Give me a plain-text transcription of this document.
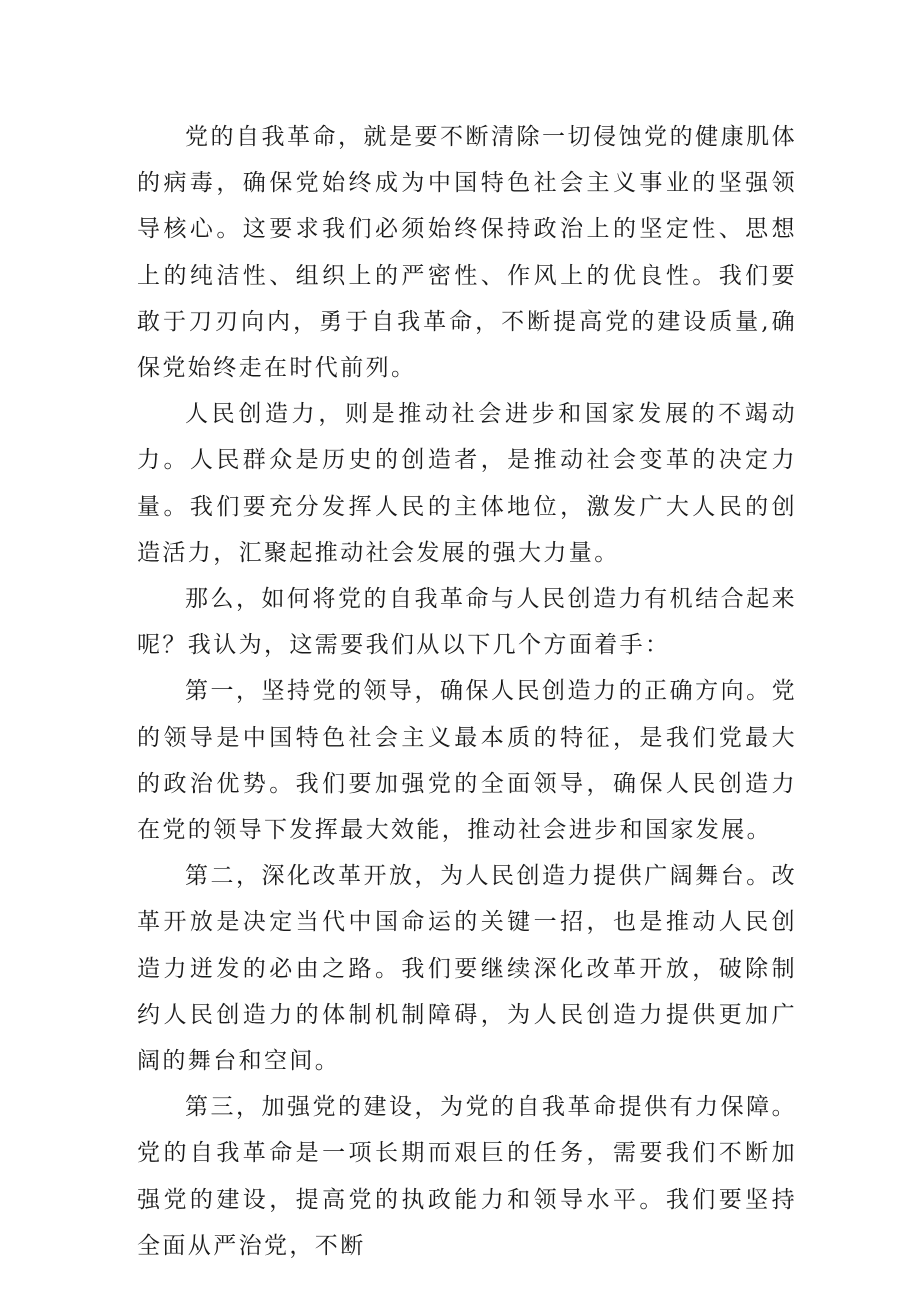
党的自我革命，就是要不断清除一切侵蚀党的健康肌体的病毒，确保党始终成为中国特色社会主义事业的坚强领导核心。这要求我们必须始终保持政治上的坚定性、思想上的纯洁性、组织上的严密性、作风上的优良性。我们要敢于刀刃向内，勇于自我革命，不断提高党的建设质量,确保党始终走在时代前列。

人民创造力，则是推动社会进步和国家发展的不竭动力。人民群众是历史的创造者，是推动社会变革的决定力量。我们要充分发挥人民的主体地位，激发广大人民的创造活力，汇聚起推动社会发展的强大力量。

那么，如何将党的自我革命与人民创造力有机结合起来呢？我认为，这需要我们从以下几个方面着手：

第一，坚持党的领导，确保人民创造力的正确方向。党的领导是中国特色社会主义最本质的特征，是我们党最大的政治优势。我们要加强党的全面领导，确保人民创造力在党的领导下发挥最大效能，推动社会进步和国家发展。

第二，深化改革开放，为人民创造力提供广阔舞台。改革开放是决定当代中国命运的关键一招，也是推动人民创造力迸发的必由之路。我们要继续深化改革开放，破除制约人民创造力的体制机制障碍，为人民创造力提供更加广阔的舞台和空间。

第三，加强党的建设，为党的自我革命提供有力保障。党的自我革命是一项长期而艰巨的任务，需要我们不断加强党的建设，提高党的执政能力和领导水平。我们要坚持全面从严治党，不断
